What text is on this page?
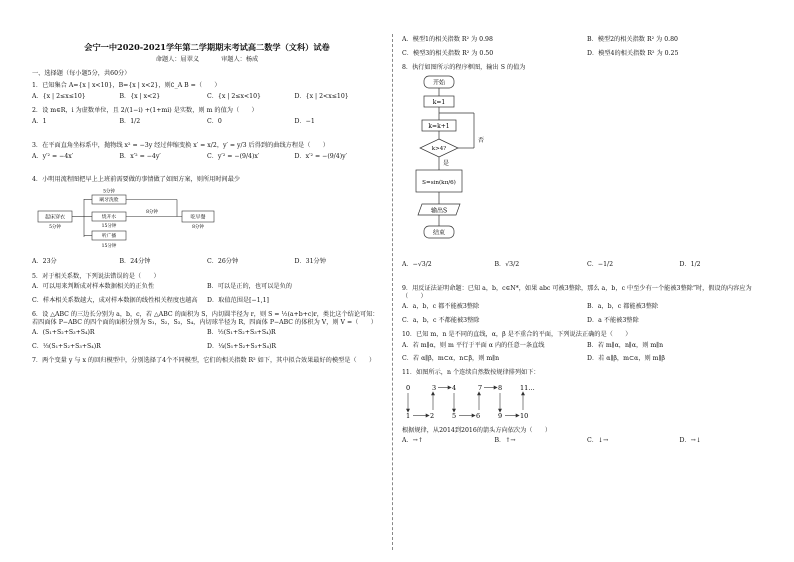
会宁一中2020-2021学年第二学期期末考试高二数学（文科）试卷
命题人：屈翠义	审题人：杨成
一、选择题（每小题5分，共60分）
1．已知集合 A={x | x<10}，B={x | x<2}，则∁_A B =（　　）
A．{x | 2≤x≤10}	B．{x | x<2}	C．{x | 2≤x<10}	D．{x | 2<x≤10}
2．设 m∈R，i 为虚数单位，且 2/(1−i) +(1+mi) 是实数，则 m 的值为（　　）
A．1	B．1/2	C．0	D．−1
3．在平面直角坐标系中，抛物线 x² = −3y 经过伸缩变换 x′ = x/2，y′ = y/3 后得到的曲线方程是（　　）
A．y′² = −4x′	B．x′² = −4y′	C．y′² = −(9/4)x′	D．x′² = −(9/4)y′
4．小明用流程图把早上上班前需要做的事情做了如图方案，则所用时间最少
起床穿衣
5分钟
刷牙洗脸
5分钟
烧开水
15分钟
听广播
15分钟
8分钟
吃早餐
8分钟
A．23分	B．24分钟	C．26分钟	D．31分钟
5．对于相关系数，下列说法错误的是（　　）
A．可以用来判断成对样本数据相关的正负性	B．可以是正的，也可以是负的
C．样本相关系数越大，成对样本数据的线性相关程度也越高	D．取值范围是[−1,1]
6．设 △ABC 的三边长分别为 a，b，c，若 △ABC 的面积为 S，内切圆半径为 r，则 S = ½(a+b+c)r，类比这个结论可知：若四面体 P−ABC 的四个面的面积分别为 S₁，S₂，S₃，S₄，内切球半径为 R，四面体 P−ABC 的体积为 V，则 V =（　　）
A．(S₁+S₂+S₃+S₄)R	B．½(S₁+S₂+S₃+S₄)R
C．⅓(S₁+S₂+S₃+S₄)R	D．¼(S₁+S₂+S₃+S₄)R
7．两个变量 y 与 x 的回归模型中，分别选择了4个不同模型，它们的相关指数 R² 如下，其中拟合效果最好的模型是（　　）
A．模型1的相关指数 R² 为 0.98	B．模型2的相关指数 R² 为 0.80
C．模型3的相关指数 R² 为 0.50	D．模型4的相关指数 R² 为 0.25
8．执行如图所示的程序框图，输出 S 的值为
开始
k=1
k=k+1
k>4?
否
是
S=sin(kπ/6)
输出S
结束
A．−√3/2	B．√3/2	C．−1/2	D．1/2
9．用反证法证明命题：已知 a，b，c∈N*，如果 abc 可被3整除，那么 a，b，c 中至少有一个能被3整除”时，假设的内容应为（　　）
A．a，b，c 都不能被3整除	B．a，b，c 都能被3整除
C．a，b，c 不都能被3整除	D．a 不能被3整除
10．已知 m，n 是不同的直线，α，β 是不重合的平面，下列说法正确的是（　　）
A．若 m∥α，则 m 平行于平面 α 内的任意一条直线	B．若 m∥α，n∥α，则 m∥n
C．若 α∥β，m⊂α，n⊂β，则 m∥n	D．若 α∥β，m⊂α，则 m∥β
11．如图所示，n 个连续自然数按规律排列如下：
0	3 4	7 8	11…
1	2	5	6	9	10
根据规律，从2014到2016的箭头方向依次为（　　）
A．→↑	B．↑→	C．↓→	D．→↓
